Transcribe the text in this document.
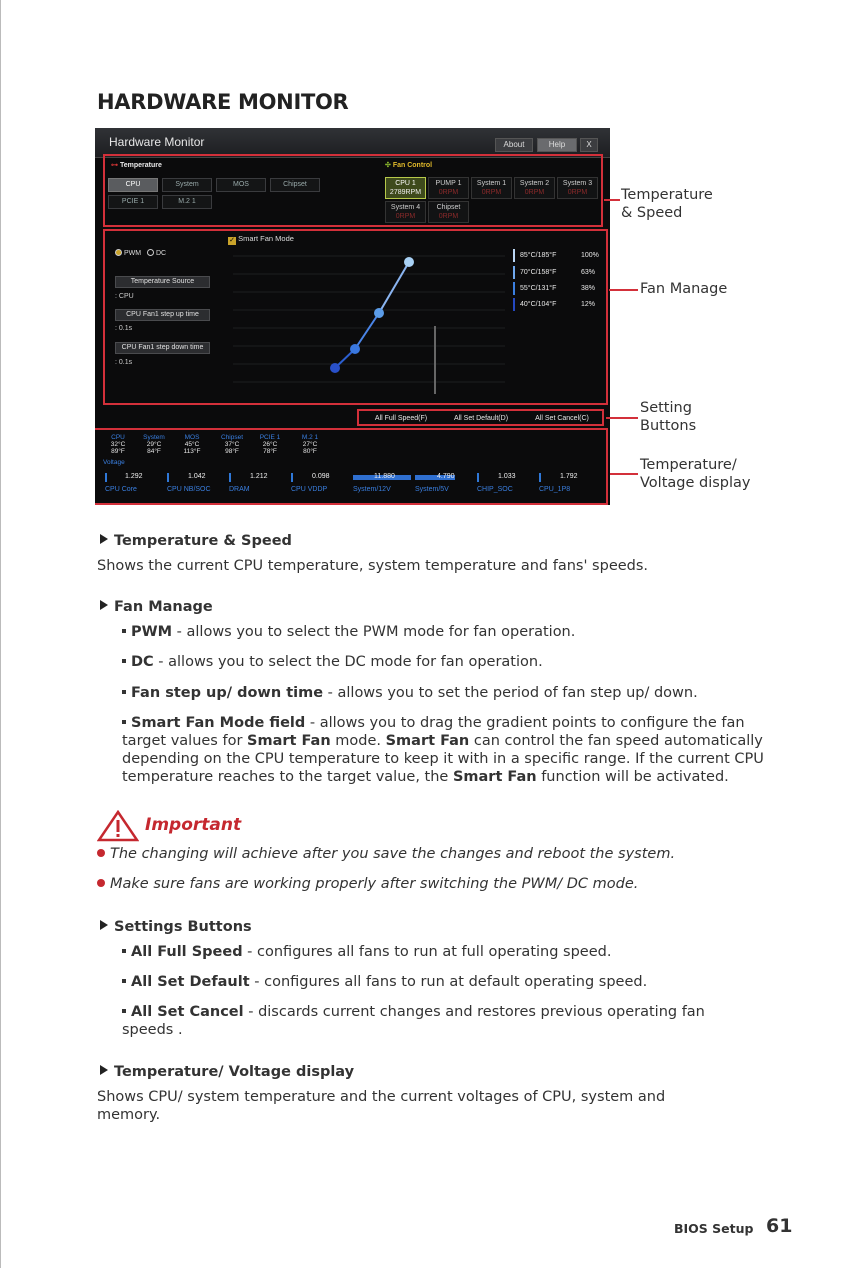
HARDWARE MONITOR
Hardware Monitor	About	Help	X
⊶ Temperature
CPU	System	MOS	Chipset
PCIE 1	M.2 1
✣ Fan Control
CPU 1
2789RPM
PUMP 1
0RPM
System 1
0RPM
System 2
0RPM
System 3
0RPM
System 4
0RPM
Chipset
0RPM
PWM	DC
Temperature Source
: CPU
CPU Fan1 step up time
: 0.1s
CPU Fan1 step down time
: 0.1s
✓ Smart Fan Mode
85°C/185°F	100%
70°C/158°F	63%
55°C/131°F	38%
40°C/104°F	12%
All Full Speed(F)	All Set Default(D)	All Set Cancel(C)
CPU
32°C
89°F
System
29°C
84°F
MOS
45°C
113°F
Chipset
37°C
98°F
PCIE 1
26°C
78°F
M.2 1
27°C
80°F
Voltage
1.292
CPU Core
1.042
CPU NB/SOC
1.212
DRAM
0.098
CPU VDDP
11.880
System/12V
4.790
System/5V
1.033
CHIP_SOC
1.792
CPU_1P8
Temperature
& Speed
Fan Manage
Setting
Buttons
Temperature/
Voltage display
Temperature & Speed
Shows the current CPU temperature, system temperature and fans' speeds.
Fan Manage
PWM - allows you to select the PWM mode for fan operation.
DC - allows you to select the DC mode for fan operation.
Fan step up/ down time - allows you to set the period of fan step up/ down.
Smart Fan Mode field - allows you to drag the gradient points to configure the fan target values for Smart Fan mode. Smart Fan can control the fan speed automatically depending on the CPU temperature to keep it with in a specific range. If the current CPU temperature reaches to the target value, the Smart Fan function will be activated.
Important
The changing will achieve after you save the changes and reboot the system.
Make sure fans are working properly after switching the PWM/ DC mode.
Settings Buttons
All Full Speed - configures all fans to run at full operating speed.
All Set Default - configures all fans to run at default operating speed.
All Set Cancel - discards current changes and restores previous operating fan speeds .
Temperature/ Voltage display
Shows CPU/ system temperature and the current voltages of CPU, system and memory.
BIOS Setup 61
